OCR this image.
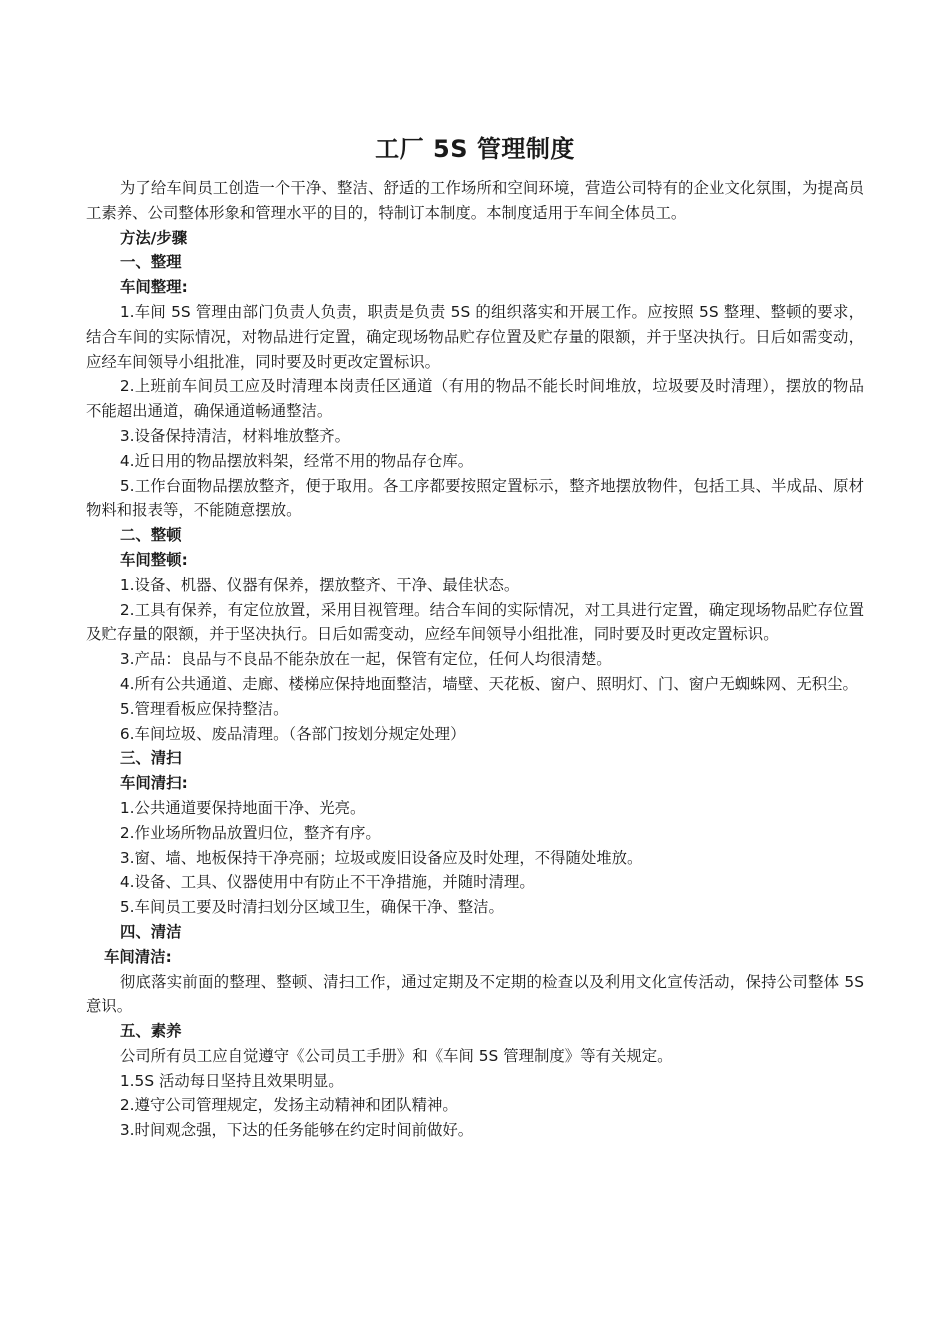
工厂 5S 管理制度

为了给车间员工创造一个干净、整洁、舒适的工作场所和空间环境，营造公司特有的企业文化氛围，为提高员工素养、公司整体形象和管理水平的目的，特制订本制度。本制度适用于车间全体员工。

方法/步骤
一、整理
车间整理:

1.车间 5S 管理由部门负责人负责，职责是负责 5S 的组织落实和开展工作。应按照 5S 整理、整顿的要求，结合车间的实际情况，对物品进行定置，确定现场物品贮存位置及贮存量的限额，并于坚决执行。日后如需变动，应经车间领导小组批准，同时要及时更改定置标识。

2.上班前车间员工应及时清理本岗责任区通道（有用的物品不能长时间堆放，垃圾要及时清理），摆放的物品不能超出通道，确保通道畅通整洁。

3.设备保持清洁，材料堆放整齐。

4.近日用的物品摆放料架，经常不用的物品存仓库。

5.工作台面物品摆放整齐，便于取用。各工序都要按照定置标示，整齐地摆放物件，包括工具、半成品、原材物料和报表等，不能随意摆放。

二、整顿
车间整顿:

1.设备、机器、仪器有保养，摆放整齐、干净、最佳状态。

2.工具有保养，有定位放置，采用目视管理。结合车间的实际情况，对工具进行定置，确定现场物品贮存位置及贮存量的限额，并于坚决执行。日后如需变动，应经车间领导小组批准，同时要及时更改定置标识。

3.产品：良品与不良品不能杂放在一起，保管有定位，任何人均很清楚。

4.所有公共通道、走廊、楼梯应保持地面整洁，墙壁、天花板、窗户、照明灯、门、窗户无蜘蛛网、无积尘。

5.管理看板应保持整洁。

6.车间垃圾、废品清理。（各部门按划分规定处理）

三、清扫
车间清扫:

1.公共通道要保持地面干净、光亮。

2.作业场所物品放置归位，整齐有序。

3.窗、墙、地板保持干净亮丽；垃圾或废旧设备应及时处理，不得随处堆放。

4.设备、工具、仪器使用中有防止不干净措施，并随时清理。

5.车间员工要及时清扫划分区域卫生，确保干净、整洁。

四、清洁
车间清洁:

彻底落实前面的整理、整顿、清扫工作，通过定期及不定期的检查以及利用文化宣传活动，保持公司整体 5S 意识。

五、素养

公司所有员工应自觉遵守《公司员工手册》和《车间 5S 管理制度》等有关规定。

1.5S 活动每日坚持且效果明显。

2.遵守公司管理规定，发扬主动精神和团队精神。

3.时间观念强，下达的任务能够在约定时间前做好。
